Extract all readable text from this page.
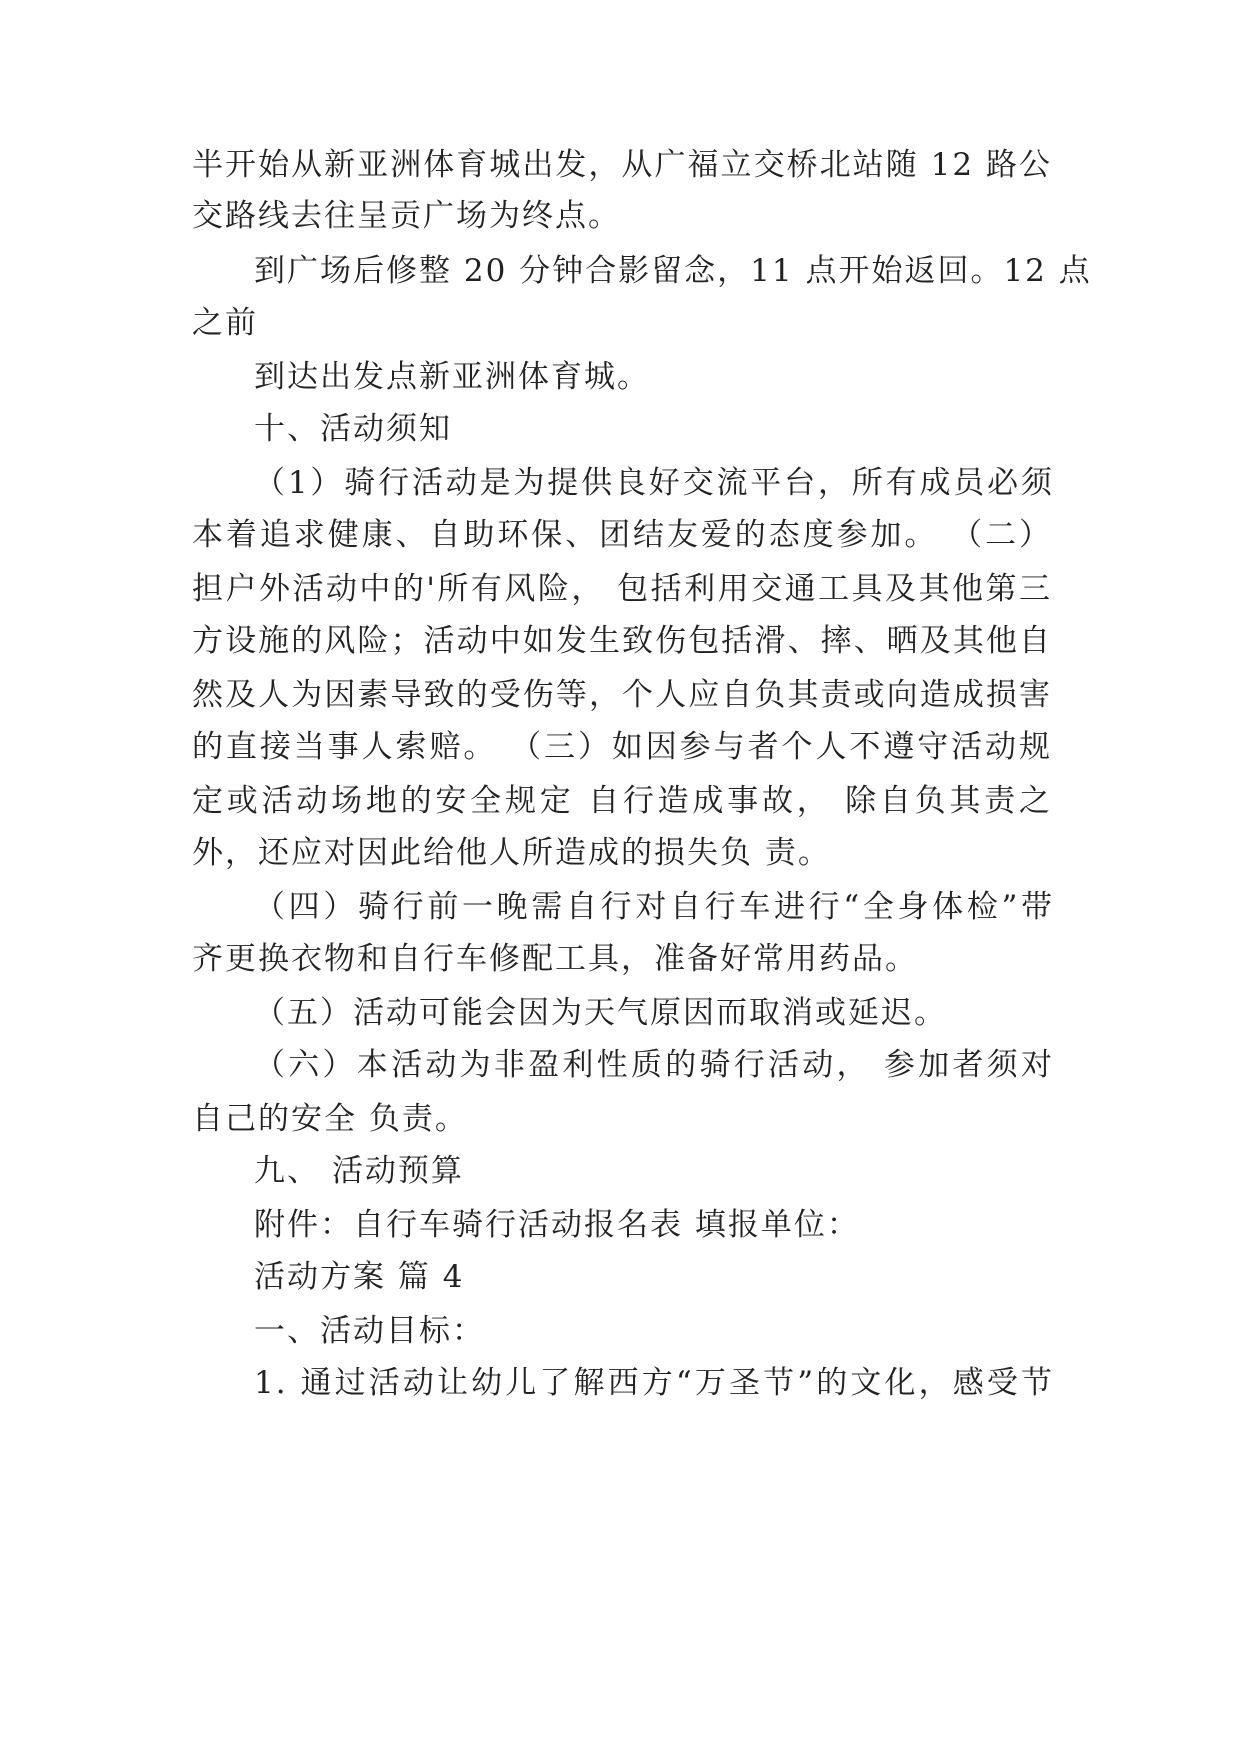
半开始从新亚洲体育城出发，从广福立交桥北站随 12 路公
交路线去往呈贡广场为终点。
到广场后修整 20 分钟合影留念，11 点开始返回。12 点
之前
到达出发点新亚洲体育城。
十、活动须知
（1）骑行活动是为提供良好交流平台，所有成员必须
本着追求健康、自助环保、团结友爱的态度参加。 （二）
担户外活动中的'所有风险， 包括利用交通工具及其他第三
方设施的风险；活动中如发生致伤包括滑、摔、晒及其他自
然及人为因素导致的受伤等，个人应自负其责或向造成损害
的直接当事人索赔。 （三）如因参与者个人不遵守活动规
定或活动场地的安全规定 自行造成事故， 除自负其责之
外，还应对因此给他人所造成的损失负 责。
（四）骑行前一晚需自行对自行车进行“全身体检”带
齐更换衣物和自行车修配工具，准备好常用药品。
（五）活动可能会因为天气原因而取消或延迟。
（六）本活动为非盈利性质的骑行活动， 参加者须对
自己的安全 负责。
九、 活动预算
附件：自行车骑行活动报名表 填报单位：
活动方案 篇 4
一、活动目标：
1. 通过活动让幼儿了解西方“万圣节”的文化，感受节
